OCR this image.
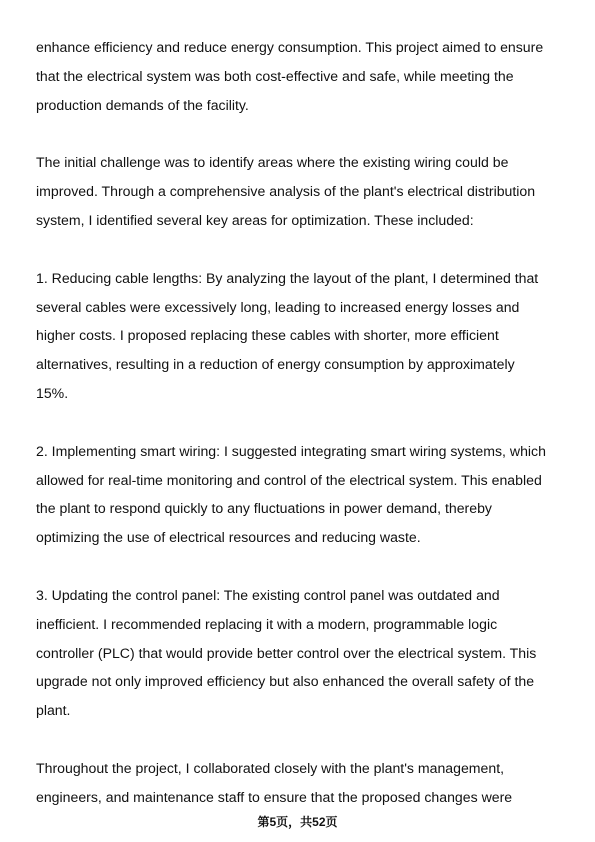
enhance efficiency and reduce energy consumption. This project aimed to ensure
that the electrical system was both cost-effective and safe, while meeting the
production demands of the facility.

The initial challenge was to identify areas where the existing wiring could be
improved. Through a comprehensive analysis of the plant's electrical distribution
system, I identified several key areas for optimization. These included:

1. Reducing cable lengths: By analyzing the layout of the plant, I determined that
several cables were excessively long, leading to increased energy losses and
higher costs. I proposed replacing these cables with shorter, more efficient
alternatives, resulting in a reduction of energy consumption by approximately
15%.

2. Implementing smart wiring: I suggested integrating smart wiring systems, which
allowed for real-time monitoring and control of the electrical system. This enabled
the plant to respond quickly to any fluctuations in power demand, thereby
optimizing the use of electrical resources and reducing waste.

3. Updating the control panel: The existing control panel was outdated and
inefficient. I recommended replacing it with a modern, programmable logic
controller (PLC) that would provide better control over the electrical system. This
upgrade not only improved efficiency but also enhanced the overall safety of the
plant.

Throughout the project, I collaborated closely with the plant's management,
engineers, and maintenance staff to ensure that the proposed changes were

第5页，共52页
